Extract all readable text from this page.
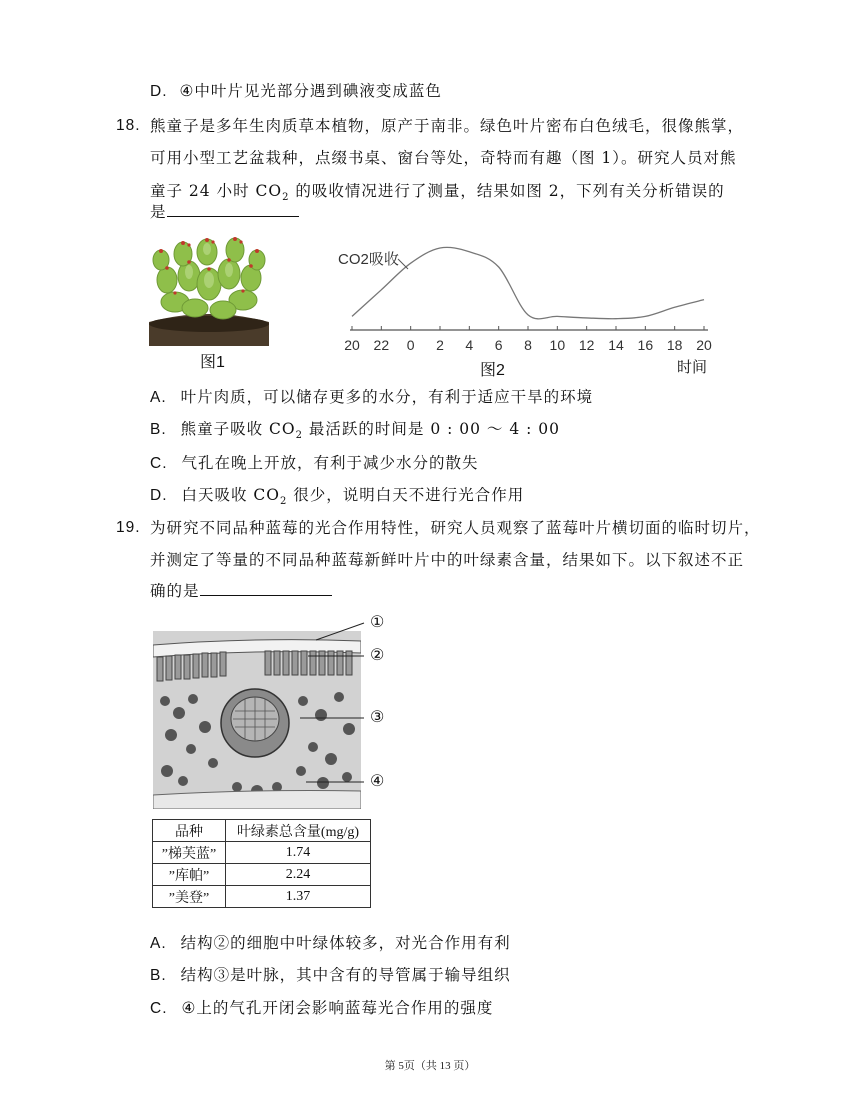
D. ④中叶片见光部分遇到碘液变成蓝色
18. 熊童子是多年生肉质草本植物，原产于南非。绿色叶片密布白色绒毛，很像熊掌，
可用小型工艺盆栽种，点缀书桌、窗台等处，奇特而有趣（图 1）。研究人员对熊
童子 24 小时 $CO_2$ 的吸收情况进行了测量，结果如图 2，下列有关分析错误的
是
图1
20 22 0 2 4 6 8 10 12 14 16 18 20
CO2吸收
图2	时间
A. 叶片肉质，可以储存更多的水分，有利于适应干旱的环境
B. 熊童子吸收 $CO_2$ 最活跃的时间是 0 : 00 ～ 4 : 00
C. 气孔在晚上开放，有利于减少水分的散失
D. 白天吸收 $CO_2$ 很少，说明白天不进行光合作用
19. 为研究不同品种蓝莓的光合作用特性，研究人员观察了蓝莓叶片横切面的临时切片，
并测定了等量的不同品种蓝莓新鲜叶片中的叶绿素含量，结果如下。以下叙述不正
确的是
①
②
③
④
品种	叶绿素总含量(mg/g)
”梯芙蓝”	1.74
”库帕”	2.24
”美登”	1.37
A. 结构②的细胞中叶绿体较多，对光合作用有利
B. 结构③是叶脉，其中含有的导管属于输导组织
C. ④上的气孔开闭会影响蓝莓光合作用的强度
第 5页（共 13 页）
